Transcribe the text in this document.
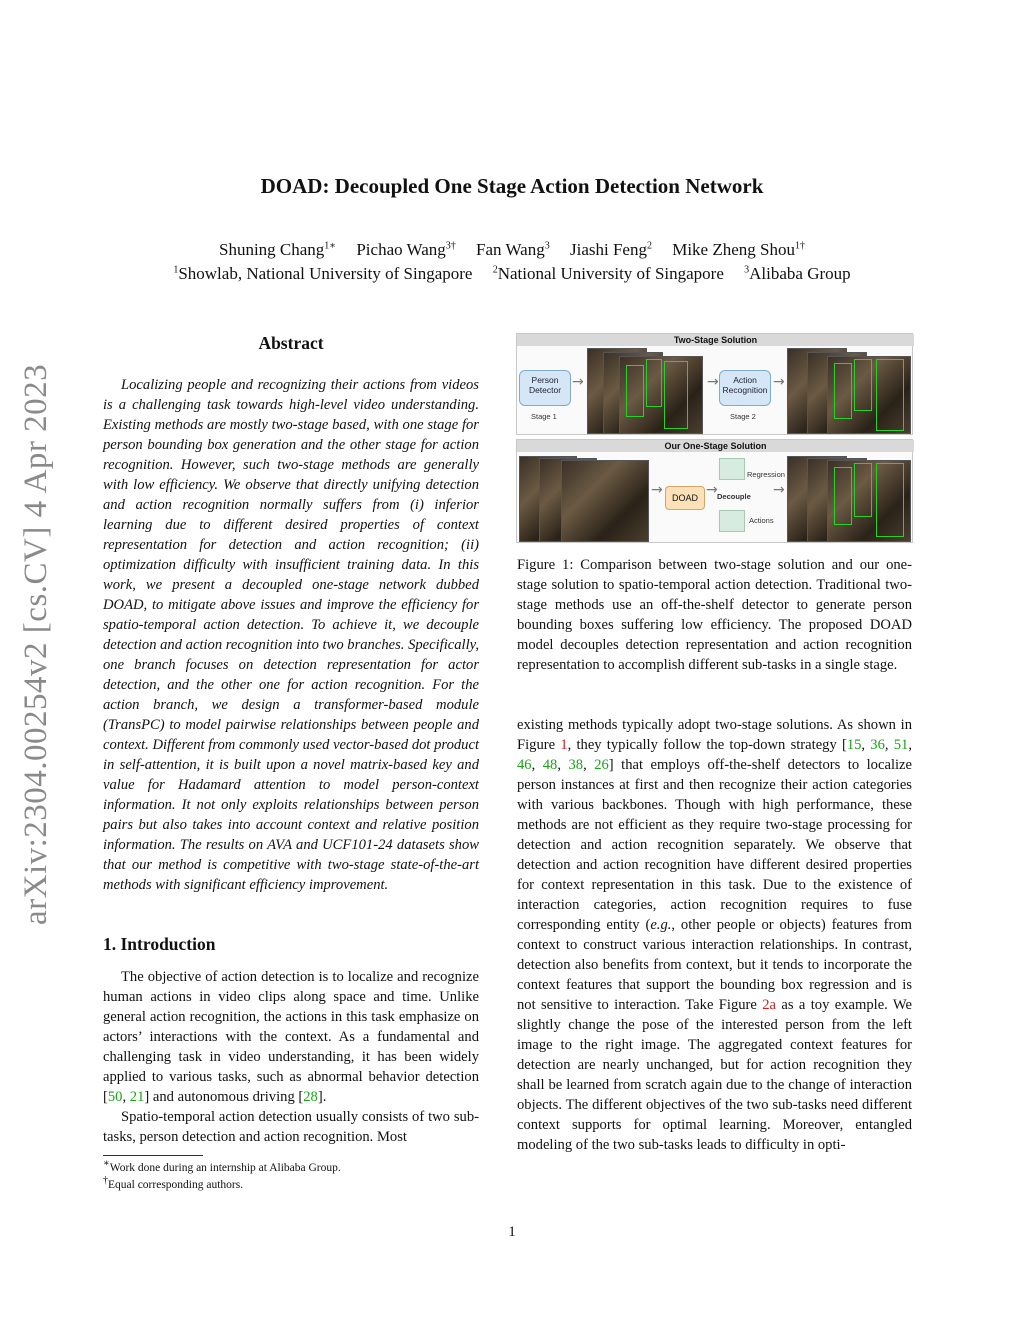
DOAD: Decoupled One Stage Action Detection Network
Shuning Chang$^{1∗}$ Pichao Wang$^{3\dagger}$ Fan Wang$^3$ Jiashi Feng$^2$ Mike Zheng Shou$^{1\dagger}$
$^1$Showlab, National University of Singapore $^2$National University of Singapore $^3$Alibaba Group
arXiv:2304.00254v2 [cs.CV] 4 Apr 2023
Abstract
Localizing people and recognizing their actions from videos is a challenging task towards high-level video understanding. Existing methods are mostly two-stage based, with one stage for person bounding box generation and the other stage for action recognition. However, such two-stage methods are generally with low efficiency. We observe that directly unifying detection and action recognition normally suffers from (i) inferior learning due to different desired properties of context representation for detection and action recognition; (ii) optimization difficulty with insufficient training data. In this work, we present a decoupled one-stage network dubbed DOAD, to mitigate above issues and improve the efficiency for spatio-temporal action detection. To achieve it, we decouple detection and action recognition into two branches. Specifically, one branch focuses on detection representation for actor detection, and the other one for action recognition. For the action branch, we design a transformer-based module (TransPC) to model pairwise relationships between people and context. Different from commonly used vector-based dot product in self-attention, it is built upon a novel matrix-based key and value for Hadamard attention to model person-context information. It not only exploits relationships between person pairs but also takes into account context and relative position information. The results on AVA and UCF101-24 datasets show that our method is competitive with two-stage state-of-the-art methods with significant efficiency improvement.
1. Introduction

The objective of action detection is to localize and recognize human actions in video clips along space and time. Unlike general action recognition, the actions in this task emphasize on actors’ interactions with the context. As a fundamental and challenging task in video understanding, it has been widely applied to various tasks, such as abnormal behavior detection [50, 21] and autonomous driving [28].

Spatio-temporal action detection usually consists of two sub-tasks, person detection and action recognition. Most

∗Work done during an internship at Alibaba Group.
†Equal corresponding authors.
Two-Stage Solution
Person Detector
Stage 1
→	→	Action Recognition
Stage 2
→
Our One-Stage Solution
→	DOAD → Decouple
Regression
Actions
→
Figure 1: Comparison between two-stage solution and our one-stage solution to spatio-temporal action detection. Traditional two-stage methods use an off-the-shelf detector to generate person bounding boxes suffering low efficiency. The proposed DOAD model decouples detection representation and action recognition representation to accomplish different sub-tasks in a single stage.
existing methods typically adopt two-stage solutions. As shown in Figure 1, they typically follow the top-down strategy [15, 36, 51, 46, 48, 38, 26] that employs off-the-shelf detectors to localize person instances at first and then recognize their action categories with various backbones. Though with high performance, these methods are not efficient as they require two-stage processing for detection and action recognition separately. We observe that detection and action recognition have different desired properties for context representation in this task. Due to the existence of interaction categories, action recognition requires to fuse corresponding entity (e.g., other people or objects) features from context to construct various interaction relationships. In contrast, detection also benefits from context, but it tends to incorporate the context features that support the bounding box regression and is not sensitive to interaction. Take Figure 2a as a toy example. We slightly change the pose of the interested person from the left image to the right image. The aggregated context features for detection are nearly unchanged, but for action recognition they shall be learned from scratch again due to the change of interaction objects. The different objectives of the two sub-tasks need different context supports for optimal learning. Moreover, entangled modeling of the two sub-tasks leads to difficulty in opti-
1
